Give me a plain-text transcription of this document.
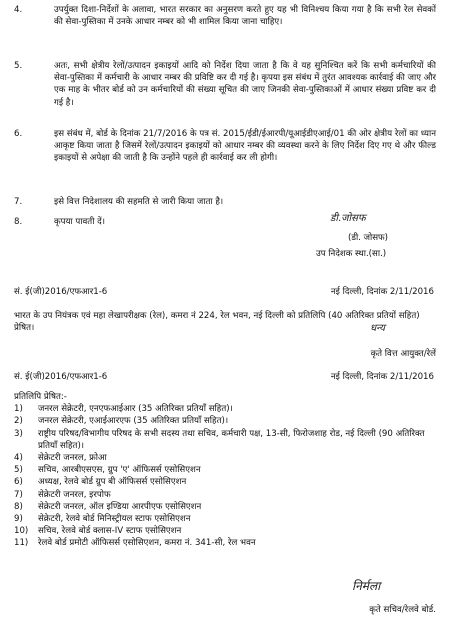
4.	उपर्युक्त दिशा-निर्देशों के अलावा, भारत सरकार का अनुसरण करते हुए यह भी विनिश्चय किया गया है कि सभी रेल सेवकों की सेवा-पुस्तिका में उनके आधार नम्बर को भी शामिल किया जाना चाहिए।
5.	अतः, सभी क्षेत्रीय रेलों/उत्पादन इकाइयों आदि को निर्देश दिया जाता है कि वे यह सुनिश्चित करें कि सभी कर्मचारियों की सेवा-पुस्तिका में कर्मचारी के आधार नम्बर की प्रविष्टि कर दी गई है। कृपया इस संबंध में तुरंत आवश्यक कार्रवाई की जाए और एक माह के भीतर बोर्ड को उन कर्मचारियों की संख्या सूचित की जाए जिनकी सेवा-पुस्तिकाओं में आधार संख्या प्रविष्ट कर दी गई है।
6.	इस संबंध में, बोर्ड के दिनांक 21/7/2016 के पत्र सं. 2015/ईडी/ईआरपी/यूआईडीएआई/01 की ओर क्षेत्रीय रेलों का ध्यान आकृष्ट किया जाता है जिसमें रेलों/उत्पादन इकाइयों को आधार नम्बर की व्यवस्था करने के लिए निर्देश दिए गए थे और फील्ड इकाइयों से अपेक्षा की जाती है कि उन्होंने पहले ही कार्रवाई कर ली होगी।
7.	इसे वित्त निदेशालय की सहमति से जारी किया जाता है।
8.	कृपया पावती दें।	डी.जोसफ
(डी. जोसफ)
उप निदेशक स्था.(सा.)
सं. ई(जी)2016/एफआर1-6	नई दिल्ली, दिनांक 2/11/2016
भारत के उप नियंत्रक एवं महा लेखापरीक्षक (रेल), कमरा नं 224, रेल भवन, नई दिल्ली को प्रतिलिपि (40 अतिरिक्त प्रतियों सहित) प्रेषित।	धन्य
कृते वित्त आयुक्त/रेलें
सं. ई(जी)2016/एफआर1-6	नई दिल्ली, दिनांक 2/11/2016
प्रतिलिपि प्रेषित:-
1) जनरल सेक्रेटरी, एनएफआईआर (35 अतिरिक्त प्रतियाँ सहित)।
2) जनरल सेक्रेटरी, एआईआरएफ (35 अतिरिक्त प्रतियाँ सहित)।
3) राष्ट्रीय परिषद/विभागीय परिषद के सभी सदस्य तथा सचिव, कर्मचारी पक्ष, 13-सी, फिरोजशाह रोड, नई दिल्ली (90 अतिरिक्त प्रतियाँ सहित)।
4) सेक्रेटरी जनरल, फ्रोआ
5) सचिव, आरबीएसएस, ग्रुप 'ए' ऑफिसर्स एसोसिएशन
6) अध्यक्ष, रेलवे बोर्ड ग्रुप बी ऑफिसर्स एसोसिएशन
7) सेक्रेटरी जनरल, इरपोफ
8) सेक्रेटरी जनरल, ऑल इण्डिया आरपीएफ एसोसिएशन
9) सेक्रेटरी, रेलवे बोर्ड मिनिस्ट्रीयल स्टाफ एसोसिएशन
10) सचिव, रेलवे बोर्ड क्लास-IV स्टाफ एसोसिएशन
11) रेलवे बोर्ड प्रमोटी ऑफिसर्स एसोसिएशन, कमरा नं. 341-सी, रेल भवन
निर्मला
कृते सचिव/रेलवे बोर्ड.
